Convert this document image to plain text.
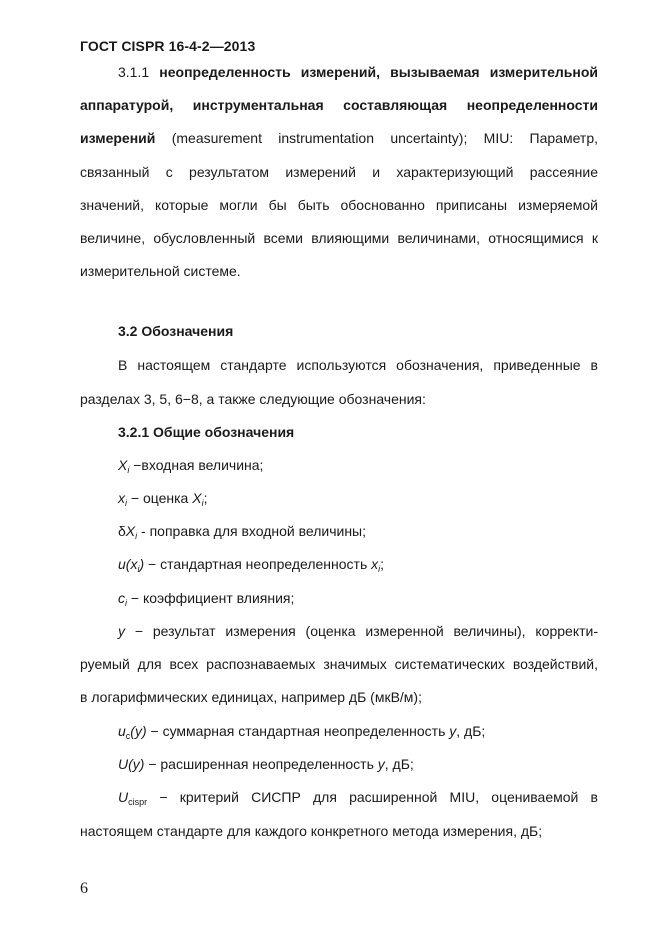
ГОСТ CISPR 16-4-2—2013
3.1.1 неопределенность измерений, вызываемая измерительной
аппаратурой, инструментальная составляющая неопределенности
измерений (measurement instrumentation uncertainty); MIU: Параметр,
связанный с результатом измерений и характеризующий рассеяние
значений, которые могли бы быть обоснованно приписаны измеряемой
величине, обусловленный всеми влияющими величинами, относящимися к
измерительной системе.
3.2 Обозначения
В настоящем стандарте используются обозначения, приведенные в
разделах 3, 5, 6−8, а также следующие обозначения:
3.2.1 Общие обозначения
$X_i$ −входная величина;
$x_i$ − оценка $X_i$;
$\delta X_i$ - поправка для входной величины;
$u(x_i)$ − стандартная неопределенность $x_i$;
$c_i$ − коэффициент влияния;
y − результат измерения (оценка измеренной величины), корректи-
руемый для всех распознаваемых значимых систематических воздействий,
в логарифмических единицах, например дБ (мкВ/м);
$u_c(y)$ − суммарная стандартная неопределенность y, дБ;
U(y) − расширенная неопределенность y, дБ;
$U_{cispr}$ − критерий СИСПР для расширенной MIU, оцениваемой в
настоящем стандарте для каждого конкретного метода измерения, дБ;
6
